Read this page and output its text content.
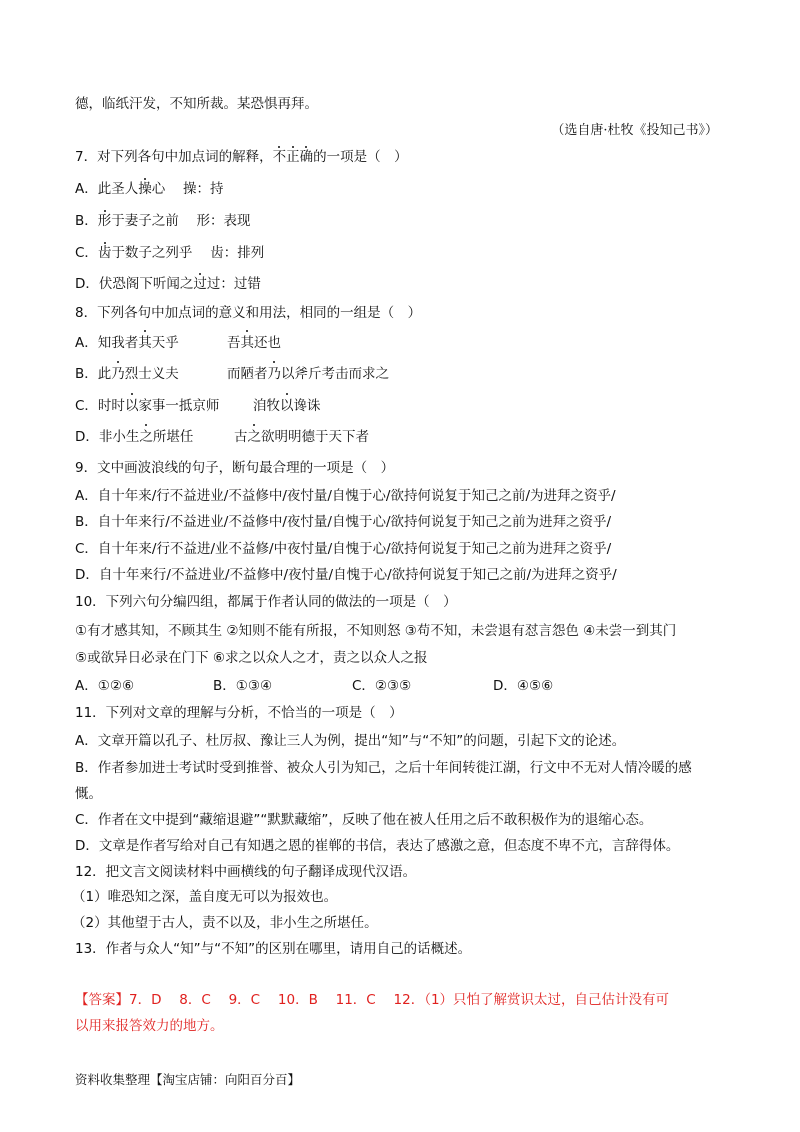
德，临纸汗发，不知所裁。某恐惧再拜。
（选自唐·杜牧《投知己书》）
7．对下列各句中加点词的解释，不正确的一项是（　）
A．此圣人操心　 操：持
B．形于妻子之前　 形：表现
C．齿于数子之列乎　 齿：排列
D．伏恐阁下听闻之过过：过错
8．下列各句中加点词的意义和用法，相同的一组是（　）
A．知我者其天乎	吾其还也
B．此乃烈士义夫	而陋者乃以斧斤考击而求之
C．时时以家事一抵京师 洎牧以谗诛
D．非小生之所堪任	古之欲明明德于天下者
9．文中画波浪线的句子，断句最合理的一项是（　）
A．自十年来/行不益进业/不益修中/夜忖量/自愧于心/欲持何说复于知己之前/为进拜之资乎/
B．自十年来行/不益进业/不益修中/夜忖量/自愧于心/欲持何说复于知己之前为进拜之资乎/
C．自十年来/行不益进/业不益修/中夜忖量/自愧于心/欲持何说复于知己之前为进拜之资乎/
D．自十年来行/不益进业/不益修中/夜忖量/自愧于心/欲持何说复于知己之前/为进拜之资乎/
10．下列六句分编四组，都属于作者认同的做法的一项是（　）
①有才感其知，不顾其生 ②知则不能有所报，不知则怒 ③苟不知，未尝退有怼言怨色 ④未尝一到其门
⑤或欲异日必录在门下 ⑥求之以众人之才，责之以众人之报
A．①②⑥	B．①③④	C．②③⑤	D．④⑤⑥
11．下列对文章的理解与分析，不恰当的一项是（　）
A．文章开篇以孔子、杜厉叔、豫让三人为例，提出“知”与“不知”的问题，引起下文的论述。
B．作者参加进士考试时受到推誉、被众人引为知己，之后十年间转徙江湖，行文中不无对人情冷暖的感
慨。
C．作者在文中提到“藏缩退避”“默默藏缩”，反映了他在被人任用之后不敢积极作为的退缩心态。
D．文章是作者写给对自己有知遇之恩的崔郸的书信，表达了感激之意，但态度不卑不亢，言辞得体。
12．把文言文阅读材料中画横线的句子翻译成现代汉语。
（1）唯恐知之深，盖自度无可以为报效也。
（2）其他望于古人，责不以及，非小生之所堪任。
13．作者与众人“知”与“不知”的区别在哪里，请用自己的话概述。
【答案】7．D　 8．C　 9．C　 10．B　 11．C　 12．（1）只怕了解赏识太过，自己估计没有可
以用来报答效力的地方。
资料收集整理【淘宝店铺：向阳百分百】
